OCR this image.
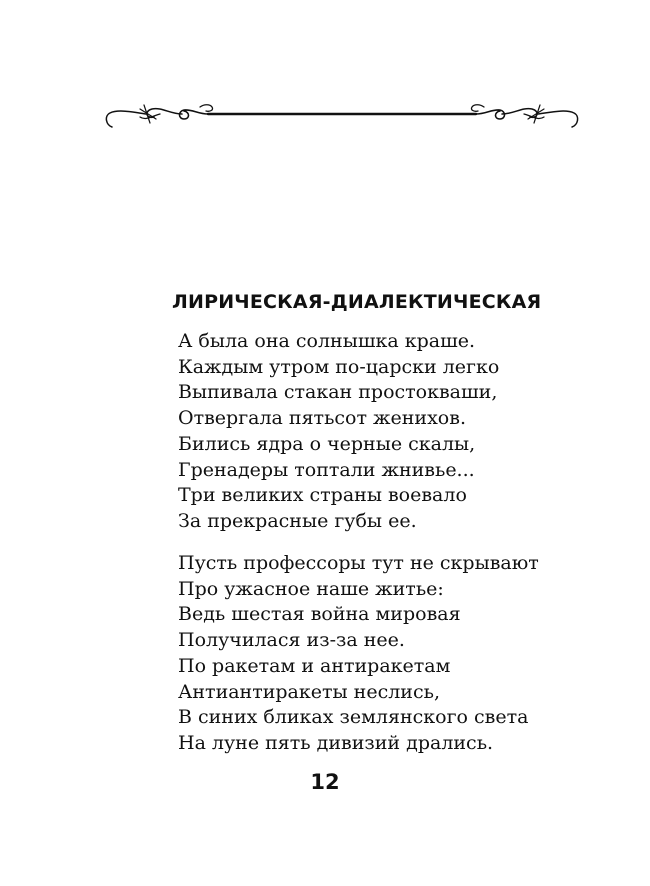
ЛИРИЧЕСКАЯ-ДИАЛЕКТИЧЕСКАЯ
А была она солнышка краше.
Каждым утром по-царски легко
Выпивала стакан простокваши,
Отвергала пятьсот женихов.
Бились ядра о черные скалы,
Гренадеры топтали жнивье...
Три великих страны воевало
За прекрасные губы ее.
Пусть профессоры тут не скрывают
Про ужасное наше житье:
Ведь шестая война мировая
Получилася из-за нее.
По ракетам и антиракетам
Антиантиракеты неслись,
В синих бликах землянского света
На луне пять дивизий дрались.
12
